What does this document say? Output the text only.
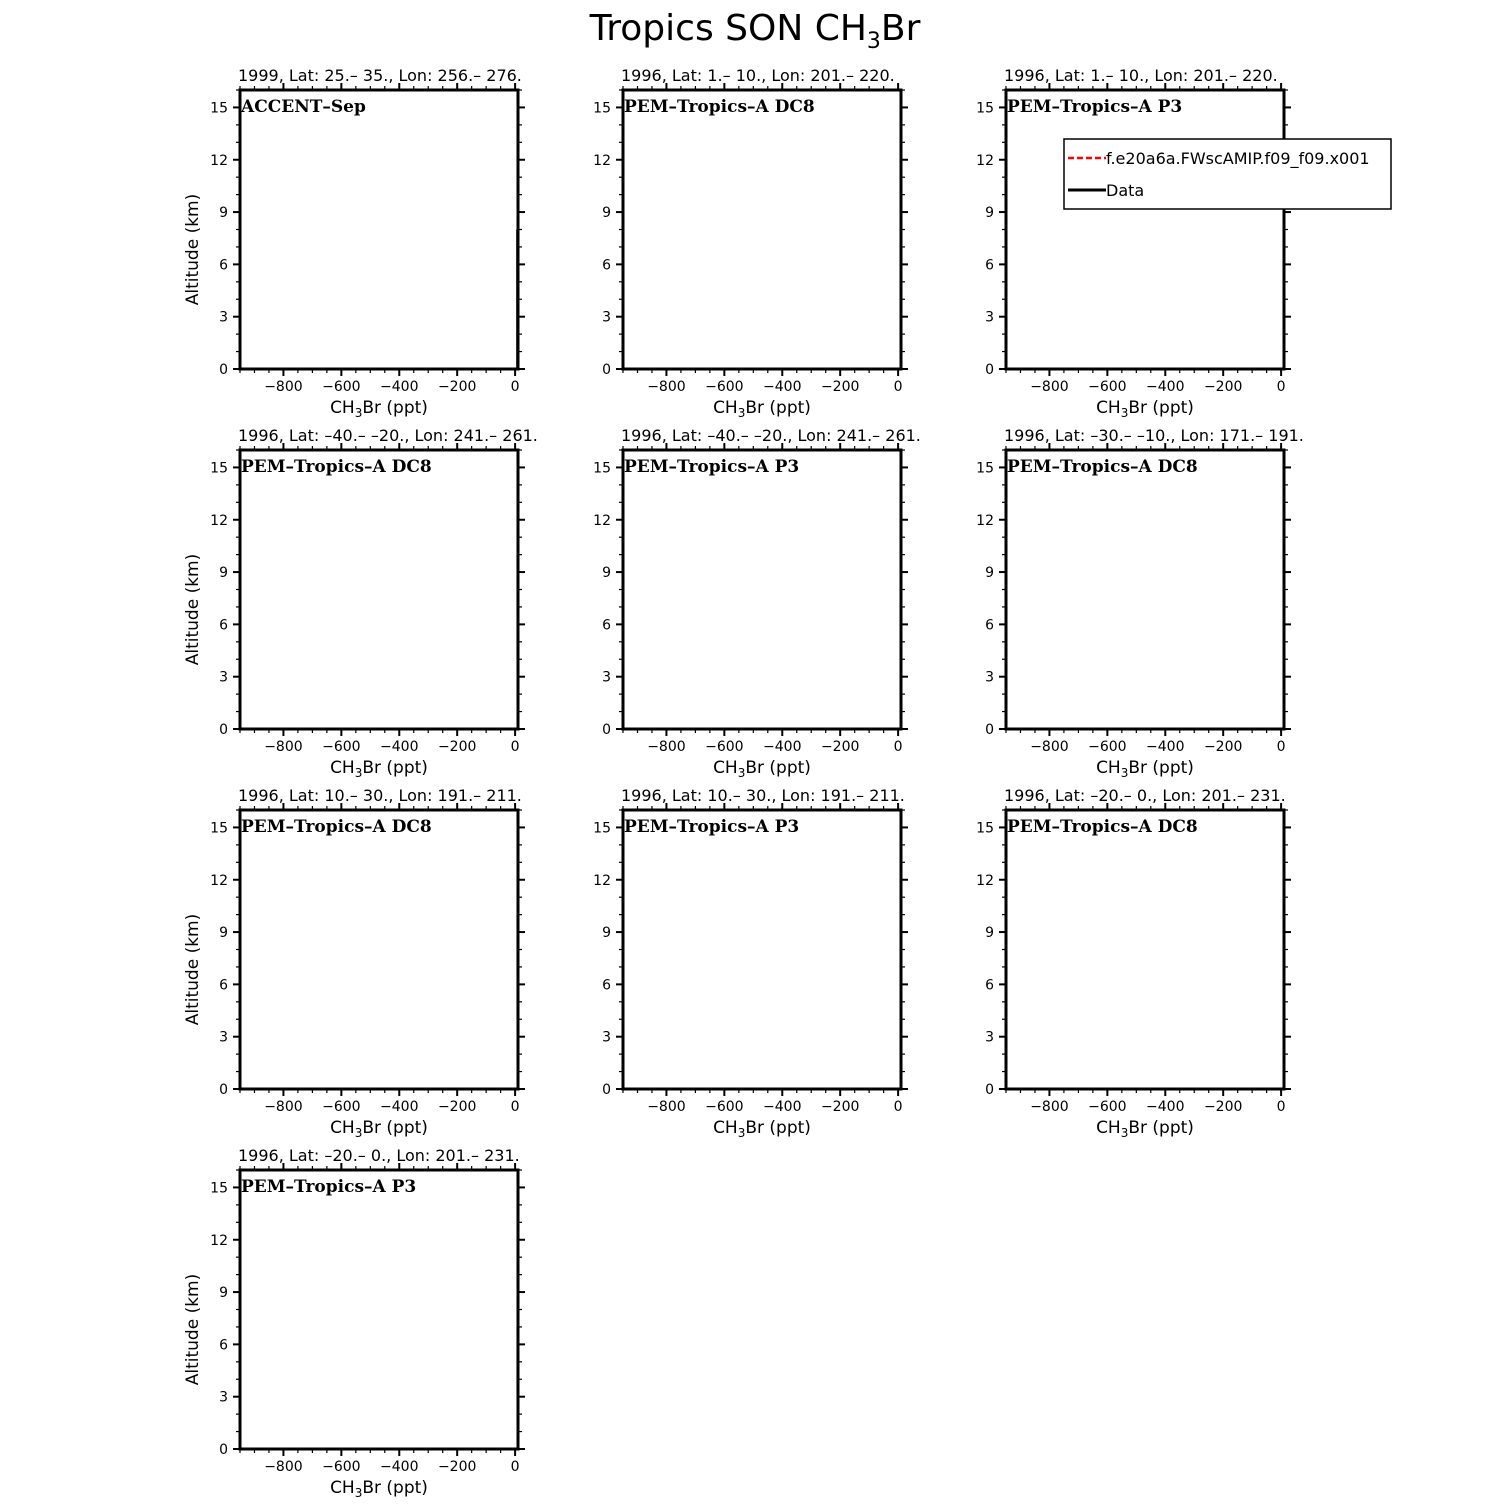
Tropics SON $CH_3Br$
0
3
6
9
12
15
−800 −600 −400 −200 0
$CH_3Br$ (ppt)
Altitude (km)
1999, Lat: 25.– 35., Lon: 256.– 276.
ACCENT–Sep
0
3
6
9
12
15
−800 −600 −400 −200 0
$CH_3Br$ (ppt)
1996, Lat: 1.– 10., Lon: 201.– 220.
PEM–Tropics–A DC8
0
3
6
9
12
15
−800 −600 −400 −200 0
$CH_3Br$ (ppt)
1996, Lat: 1.– 10., Lon: 201.– 220.
PEM–Tropics–A P3
f.e20a6a.FWscAMIP.f09_f09.x001
Data
0
3
6
9
12
15
−800 −600 −400 −200 0
$CH_3Br$ (ppt)
Altitude (km)
1996, Lat: –40.– –20., Lon: 241.– 261.
PEM–Tropics–A DC8
0
3
6
9
12
15
−800 −600 −400 −200 0
$CH_3Br$ (ppt)
1996, Lat: –40.– –20., Lon: 241.– 261.
PEM–Tropics–A P3
0
3
6
9
12
15
−800 −600 −400 −200 0
$CH_3Br$ (ppt)
1996, Lat: –30.– –10., Lon: 171.– 191.
PEM–Tropics–A DC8
0
3
6
9
12
15
−800 −600 −400 −200 0
$CH_3Br$ (ppt)
Altitude (km)
1996, Lat: 10.– 30., Lon: 191.– 211.
PEM–Tropics–A DC8
0
3
6
9
12
15
−800 −600 −400 −200 0
$CH_3Br$ (ppt)
1996, Lat: 10.– 30., Lon: 191.– 211.
PEM–Tropics–A P3
0
3
6
9
12
15
−800 −600 −400 −200 0
$CH_3Br$ (ppt)
1996, Lat: –20.– 0., Lon: 201.– 231.
PEM–Tropics–A DC8
0
3
6
9
12
15
−800 −600 −400 −200 0
$CH_3Br$ (ppt)
Altitude (km)
1996, Lat: –20.– 0., Lon: 201.– 231.
PEM–Tropics–A P3
